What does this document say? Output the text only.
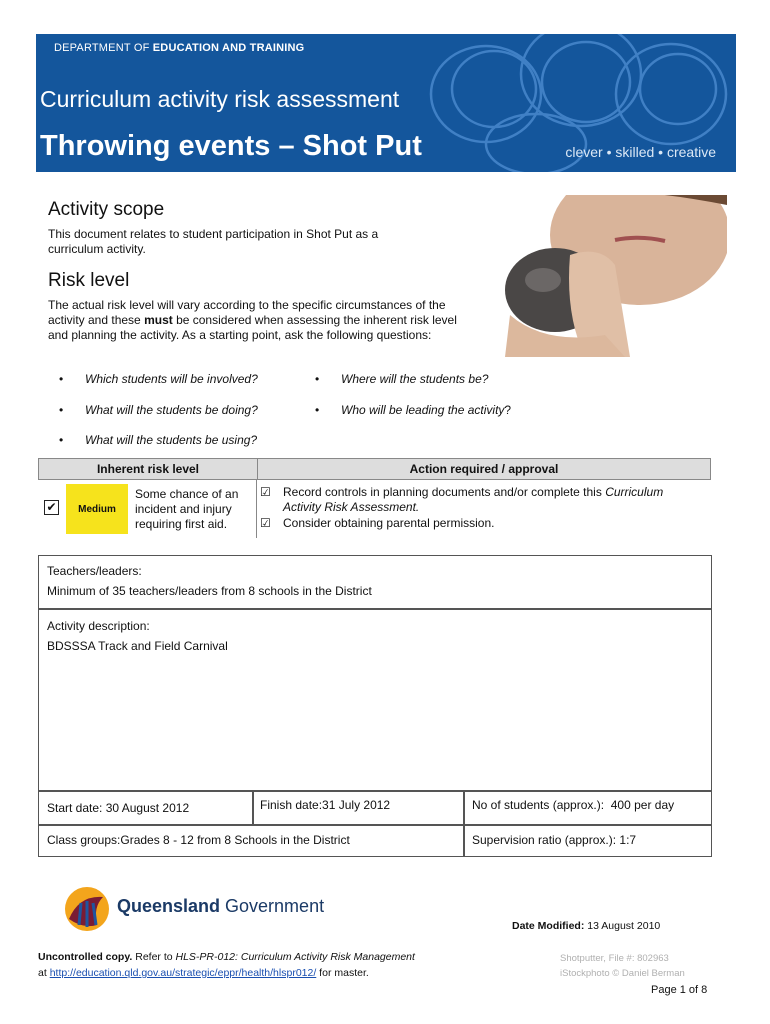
DEPARTMENT OF EDUCATION AND TRAINING
Curriculum activity risk assessment
Throwing events – Shot Put	clever • skilled • creative
Activity scope
This document relates to student participation in Shot Put as a curriculum activity.
Risk level
The actual risk level will vary according to the specific circumstances of the activity and these must be considered when assessing the inherent risk level and planning the activity. As a starting point, ask the following questions:
• Which students will be involved?	• Where will the students be?
• What will the students be doing?	• Who will be leading the activity?
• What will the students be using?
Inherent risk level	Action required / approval
✔	Medium
Some chance of an incident and injury requiring first aid.
☑	Record controls in planning documents and/or complete this Curriculum Activity Risk Assessment.
☑	Consider obtaining parental permission.
Teachers/leaders:
Minimum of 35 teachers/leaders from 8 schools in the District
Activity description:
BDSSSA Track and Field Carnival
Start date: 30 August 2012	Finish date:31 July 2012	No of students (approx.): 400 per day
Class groups:Grades 8 - 12 from 8 Schools in the District	Supervision ratio (approx.): 1:7
Queensland Government
Date Modified: 13 August 2010
Uncontrolled copy. Refer to HLS-PR-012: Curriculum Activity Risk Management
at http://education.qld.gov.au/strategic/eppr/health/hlspr012/ for master.
Shotputter, File #: 802963
iStockphoto © Daniel Berman
Page 1 of 8
